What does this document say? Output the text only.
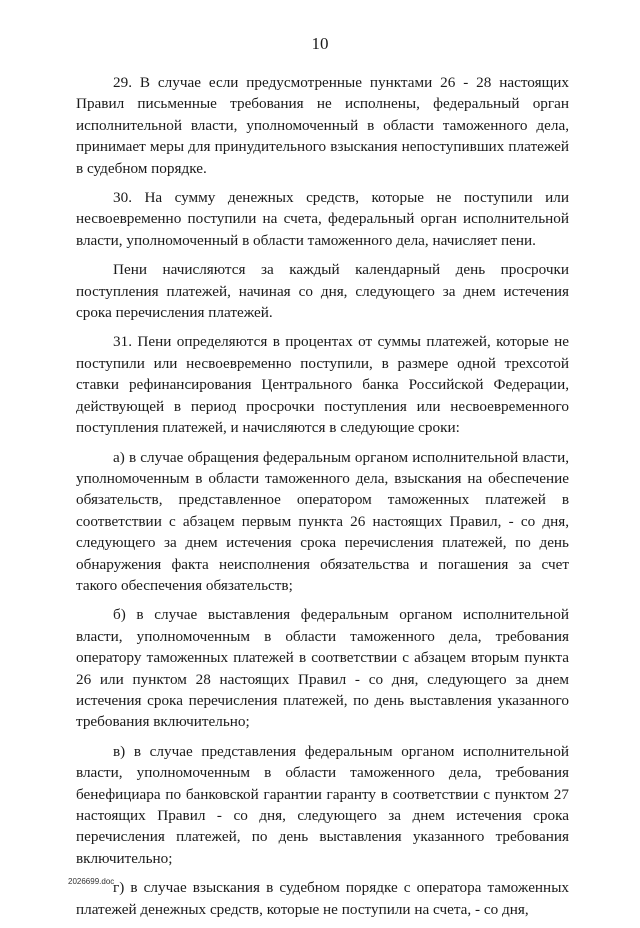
10

29. В случае если предусмотренные пунктами 26 - 28 настоящих Правил письменные требования не исполнены, федеральный орган исполнительной власти, уполномоченный в области таможенного дела, принимает меры для принудительного взыскания непоступивших платежей в судебном порядке.

30. На сумму денежных средств, которые не поступили или несвоевременно поступили на счета, федеральный орган исполнительной власти, уполномоченный в области таможенного дела, начисляет пени.

Пени начисляются за каждый календарный день просрочки поступления платежей, начиная со дня, следующего за днем истечения срока перечисления платежей.

31. Пени определяются в процентах от суммы платежей, которые не поступили или несвоевременно поступили, в размере одной трехсотой ставки рефинансирования Центрального банка Российской Федерации, действующей в период просрочки поступления или несвоевременного поступления платежей, и начисляются в следующие сроки:

а) в случае обращения федеральным органом исполнительной власти, уполномоченным в области таможенного дела, взыскания на обеспечение обязательств, представленное оператором таможенных платежей в соответствии с абзацем первым пункта 26 настоящих Правил, - со дня, следующего за днем истечения срока перечисления платежей, по день обнаружения факта неисполнения обязательства и погашения за счет такого обеспечения обязательств;

б) в случае выставления федеральным органом исполнительной власти, уполномоченным в области таможенного дела, требования оператору таможенных платежей в соответствии с абзацем вторым пункта 26 или пунктом 28 настоящих Правил - со дня, следующего за днем истечения срока перечисления платежей, по день выставления указанного требования включительно;

в) в случае представления федеральным органом исполнительной власти, уполномоченным в области таможенного дела, требования бенефициара по банковской гарантии гаранту в соответствии с пунктом 27 настоящих Правил - со дня, следующего за днем истечения срока перечисления платежей, по день выставления указанного требования включительно;

г) в случае взыскания в судебном порядке с оператора таможенных платежей денежных средств, которые не поступили на счета, - со дня,

2026699.doc
